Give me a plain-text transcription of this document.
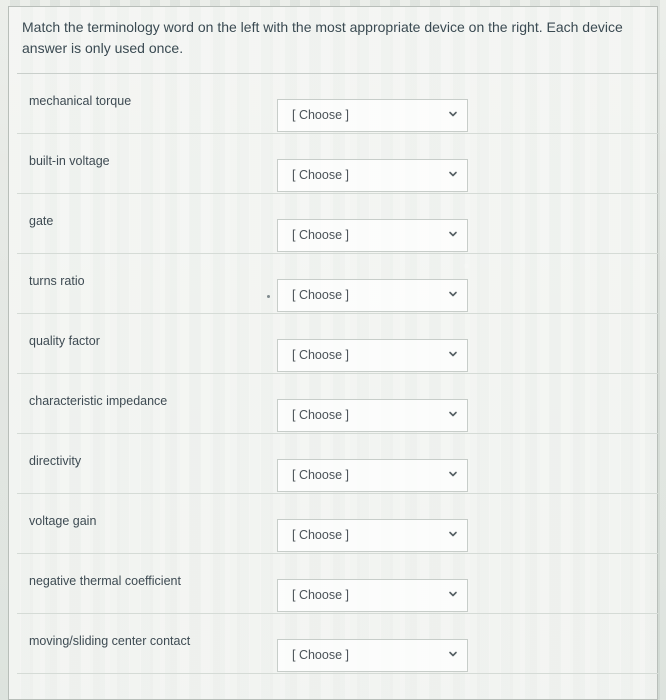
Match the terminology word on the left with the most appropriate device on the right. Each device answer is only used once.
mechanical torque
[ Choose ]
built-in voltage
[ Choose ]
gate
[ Choose ]
turns ratio
[ Choose ]
quality factor
[ Choose ]
characteristic impedance
[ Choose ]
directivity
[ Choose ]
voltage gain
[ Choose ]
negative thermal coefficient
[ Choose ]
moving/sliding center contact
[ Choose ]
